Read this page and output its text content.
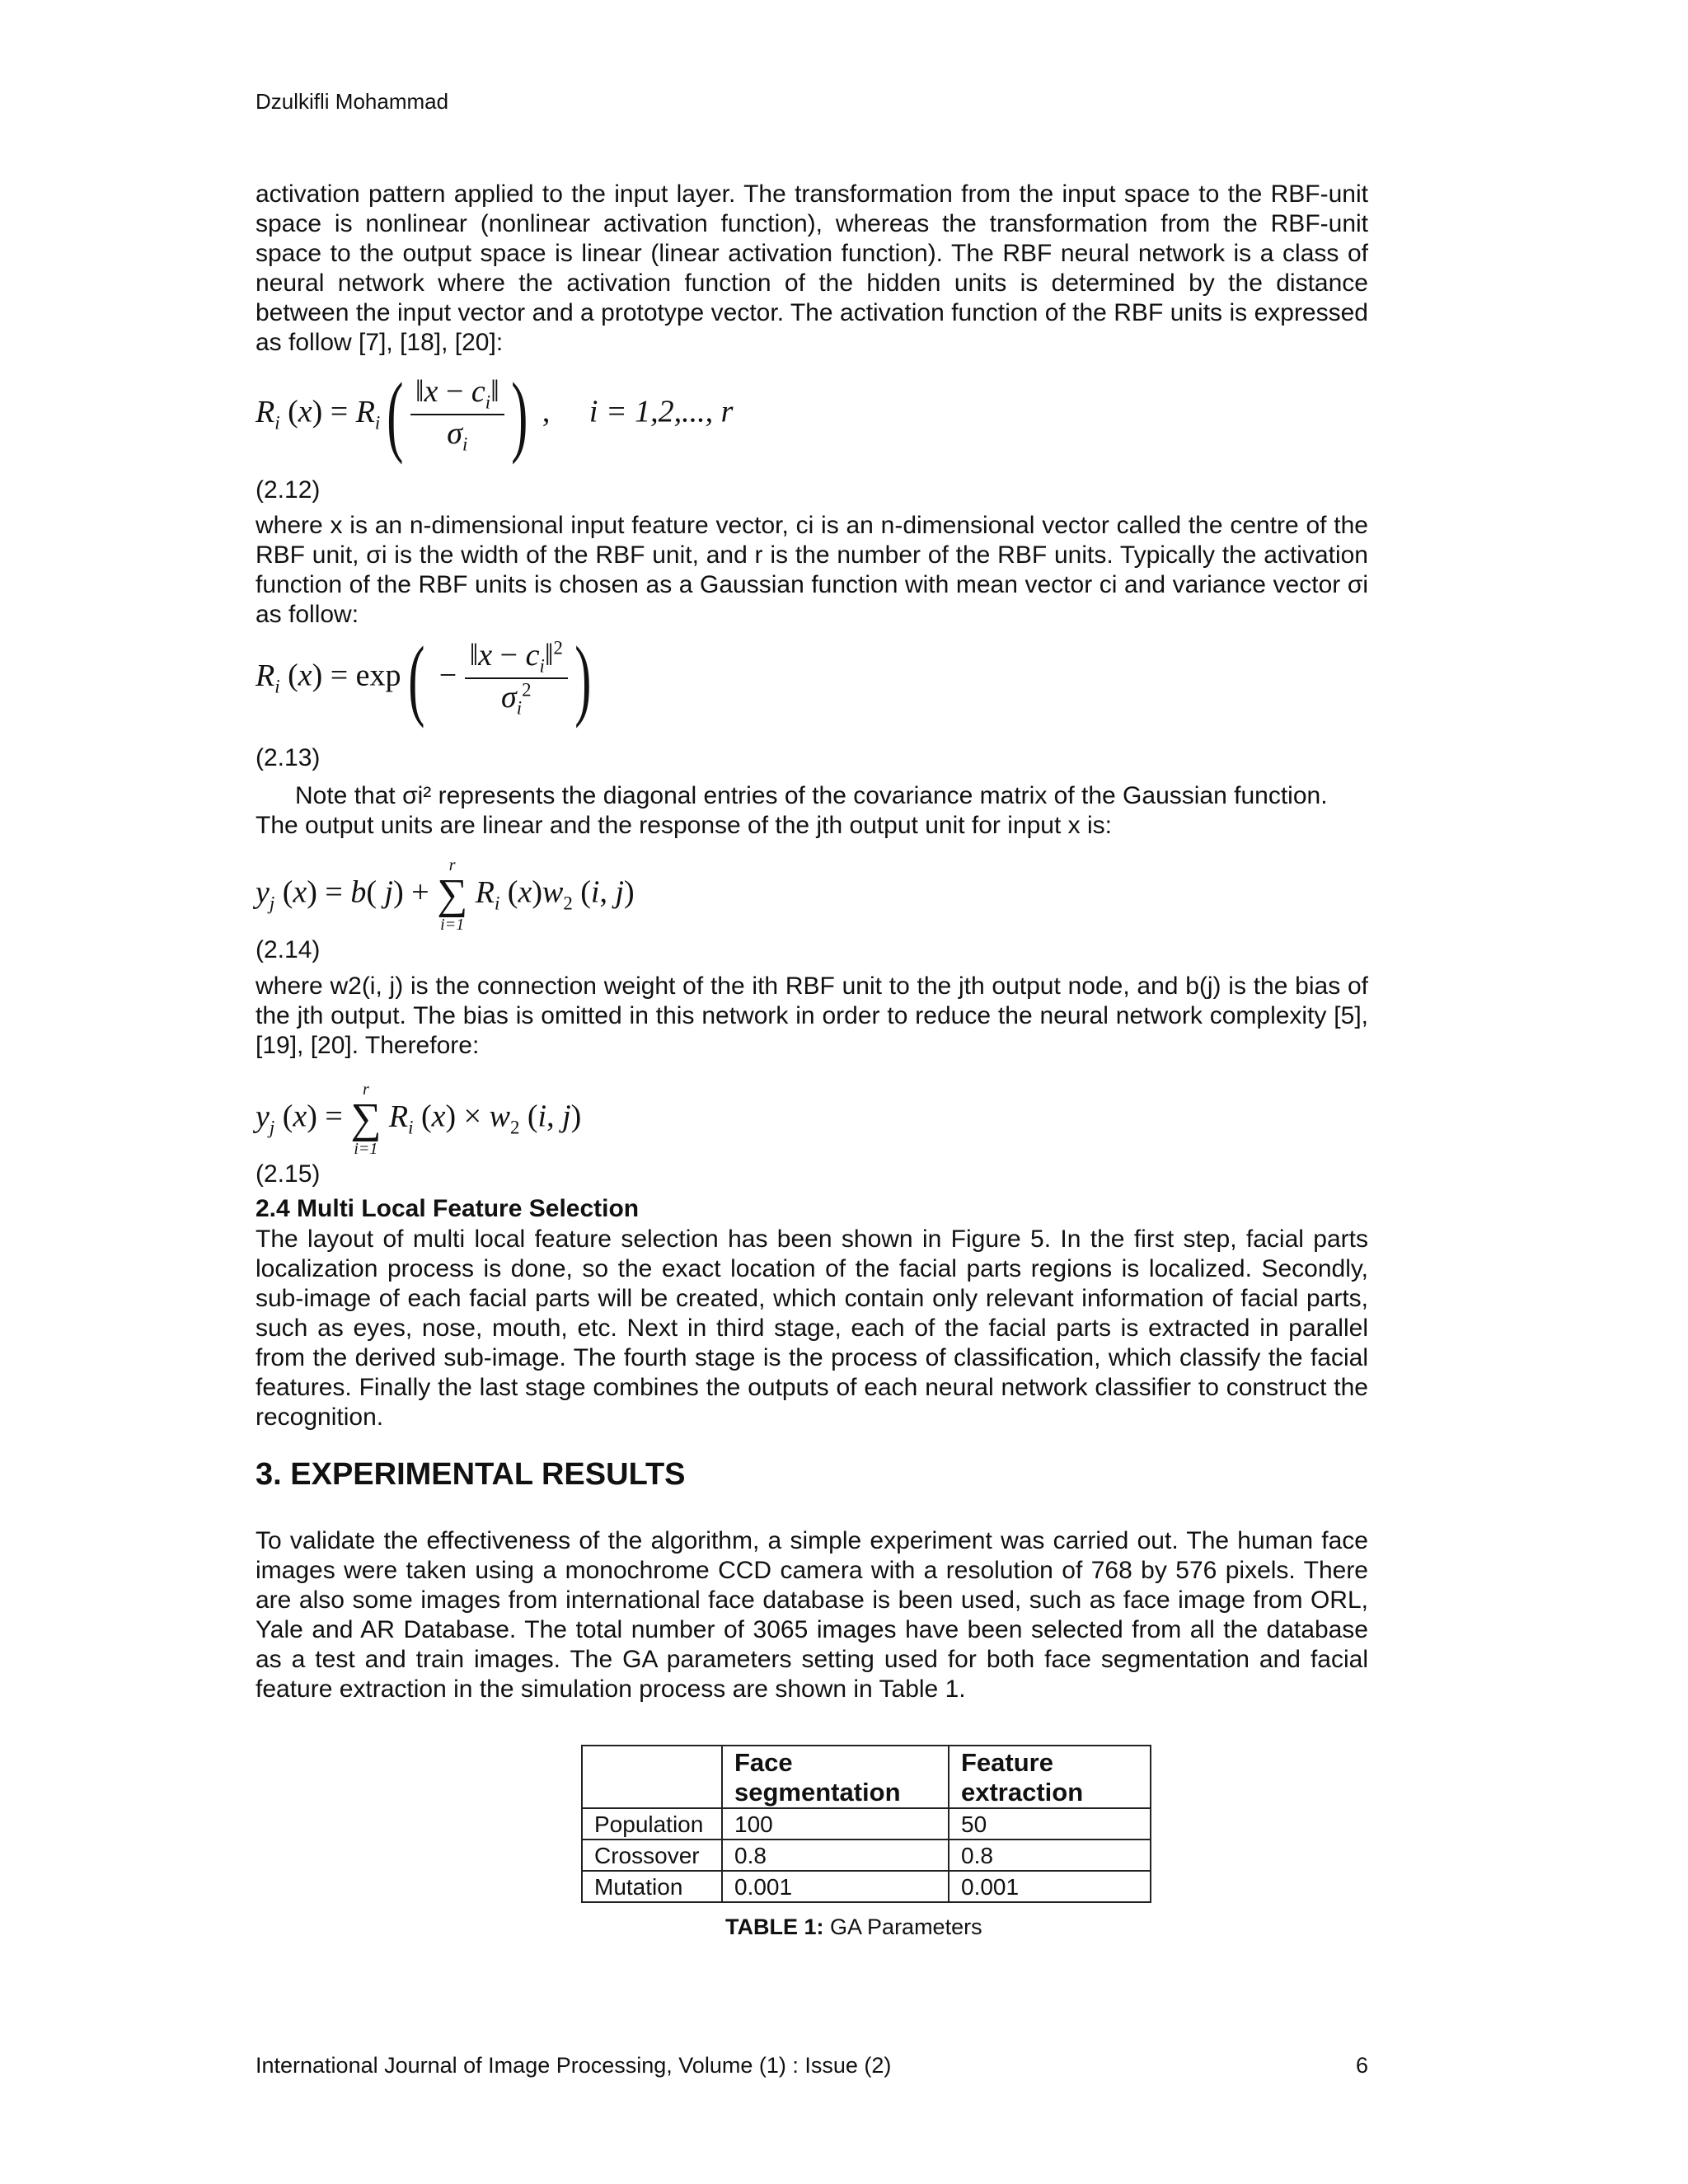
Dzulkifli Mohammad

activation pattern applied to the input layer. The transformation from the input space to the RBF-unit space is nonlinear (nonlinear activation function), whereas the transformation from the RBF-unit space to the output space is linear (linear activation function). The RBF neural network is a class of neural network where the activation function of the hidden units is determined by the distance between the input vector and a prototype vector. The activation function of the RBF units is expressed as follow [7], [18], [20]:

$R_i$ $(x) = R_i( \frac{‖x - c_i‖}{\sigma_i}$ ) ,     i = 1,2,..., r
(2.12)

where x is an n-dimensional input feature vector, ci is an n-dimensional vector called the centre of the RBF unit, σi is the width of the RBF unit, and r is the number of the RBF units. Typically the activation function of the RBF units is chosen as a Gaussian function with mean vector ci and variance vector σi as follow:

$R_i$ $(x) = \exp( - \frac{‖x - c_i‖^2}{\sigma_i^2}$ )
(2.13)

Note that σi² represents the diagonal entries of the covariance matrix of the Gaussian function.

The output units are linear and the response of the jth output unit for input x is:

$y_j$ (x) = b( j) +
r
∑
i=1
$R_i$ $(x)w_2$ (i, j)
(2.14)

where w2(i, j) is the connection weight of the ith RBF unit to the jth output node, and b(j) is the bias of the jth output. The bias is omitted in this network in order to reduce the neural network complexity [5], [19], [20]. Therefore:

$y_j$ (x) =
r
∑
i=1
$R_i$ $(x) \times w_2$ (i, j)
(2.15)
2.4 Multi Local Feature Selection

The layout of multi local feature selection has been shown in Figure 5. In the first step, facial parts localization process is done, so the exact location of the facial parts regions is localized. Secondly, sub-image of each facial parts will be created, which contain only relevant information of facial parts, such as eyes, nose, mouth, etc. Next in third stage, each of the facial parts is extracted in parallel from the derived sub-image. The fourth stage is the process of classification, which classify the facial features. Finally the last stage combines the outputs of each neural network classifier to construct the recognition.

3. EXPERIMENTAL RESULTS

To validate the effectiveness of the algorithm, a simple experiment was carried out. The human face images were taken using a monochrome CCD camera with a resolution of 768 by 576 pixels. There are also some images from international face database is been used, such as face image from ORL, Yale and AR Database. The total number of 3065 images have been selected from all the database as a test and train images. The GA parameters setting used for both face segmentation and facial feature extraction in the simulation process are shown in Table 1.

	Face segmentation	Feature extraction
Population	100	50
Crossover	0.8	0.8
Mutation	0.001	0.001
TABLE 1: GA Parameters
International Journal of Image Processing, Volume (1) : Issue (2)	6
